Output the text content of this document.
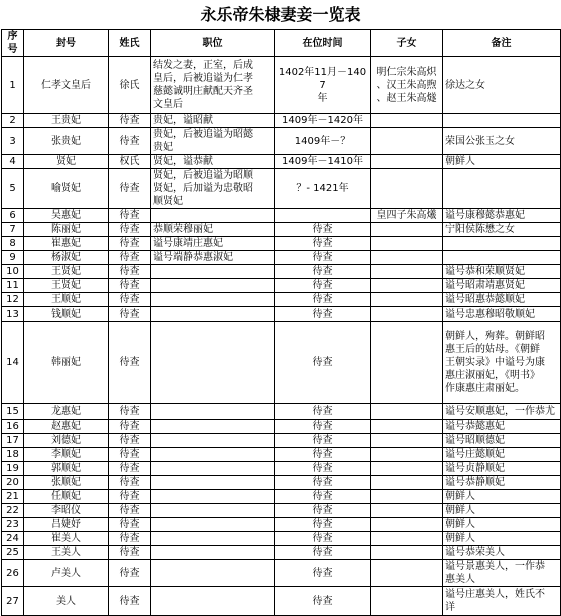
永乐帝朱棣妻妾一览表
序号	封号	姓氏	职位	在位时间	子女	备注
1	仁孝文皇后	徐氏	结发之妻，正室，后成
皇后，后被追谥为仁孝
慈懿诚明庄献配天齐圣
文皇后	1402年11月－1407
年	明仁宗朱高炽
、汉王朱高煦
、赵王朱高燧	徐达之女
2	王贵妃	待查	贵妃，谥昭献	1409年－1420年		
3	张贵妃	待查	贵妃，后被追谥为昭懿
贵妃	1409年－？		荣国公张玉之女
4	贤妃	权氏	贤妃，谥恭献	1409年－1410年		朝鲜人
5	喻贤妃	待查	贤妃，后被追谥为昭顺
贤妃，后加谥为忠敬昭
顺贤妃	？- 1421年		
6	吴惠妃	待查			皇四子朱高爔	谥号康穆懿恭惠妃
7	陈丽妃	待查	恭顺荣穆丽妃	待查		宁阳侯陈懋之女
8	崔惠妃	待查	谥号康靖庄惠妃	待查		
9	杨淑妃	待查	谥号端静恭惠淑妃	待查		
10	王贤妃	待查		待查		谥号恭和荣顺贤妃
11	王贤妃	待查		待查		谥号昭肃靖惠贤妃
12	王顺妃	待查		待查		谥号昭惠恭懿顺妃
13	钱顺妃	待查		待查		谥号忠惠穆昭敬顺妃
14	韩丽妃	待查		待查		朝鲜人，殉葬。朝鲜昭
惠王后的姑母。《朝鲜
王朝实录》中谥号为康
惠庄淑丽妃，《明书》
作康惠庄肃丽妃。
15	龙惠妃	待查		待查		谥号安顺惠妃，一作恭尤
16	赵惠妃	待查		待查		谥号恭懿惠妃
17	刘德妃	待查		待查		谥号昭顺德妃
18	李顺妃	待查		待查		谥号庄懿顺妃
19	郭顺妃	待查		待查		谥号贞静顺妃
20	张顺妃	待查		待查		谥号恭静顺妃
21	任顺妃	待查		待查		朝鲜人
22	李昭仪	待查		待查		朝鲜人
23	吕婕妤	待查		待查		朝鲜人
24	崔美人	待查		待查		朝鲜人
25	王美人	待查		待查		谥号恭荣美人
26	卢美人	待查		待查		谥号景惠美人，一作恭
惠美人
27	美人	待查		待查		谥号庄惠美人，姓氏不
详
